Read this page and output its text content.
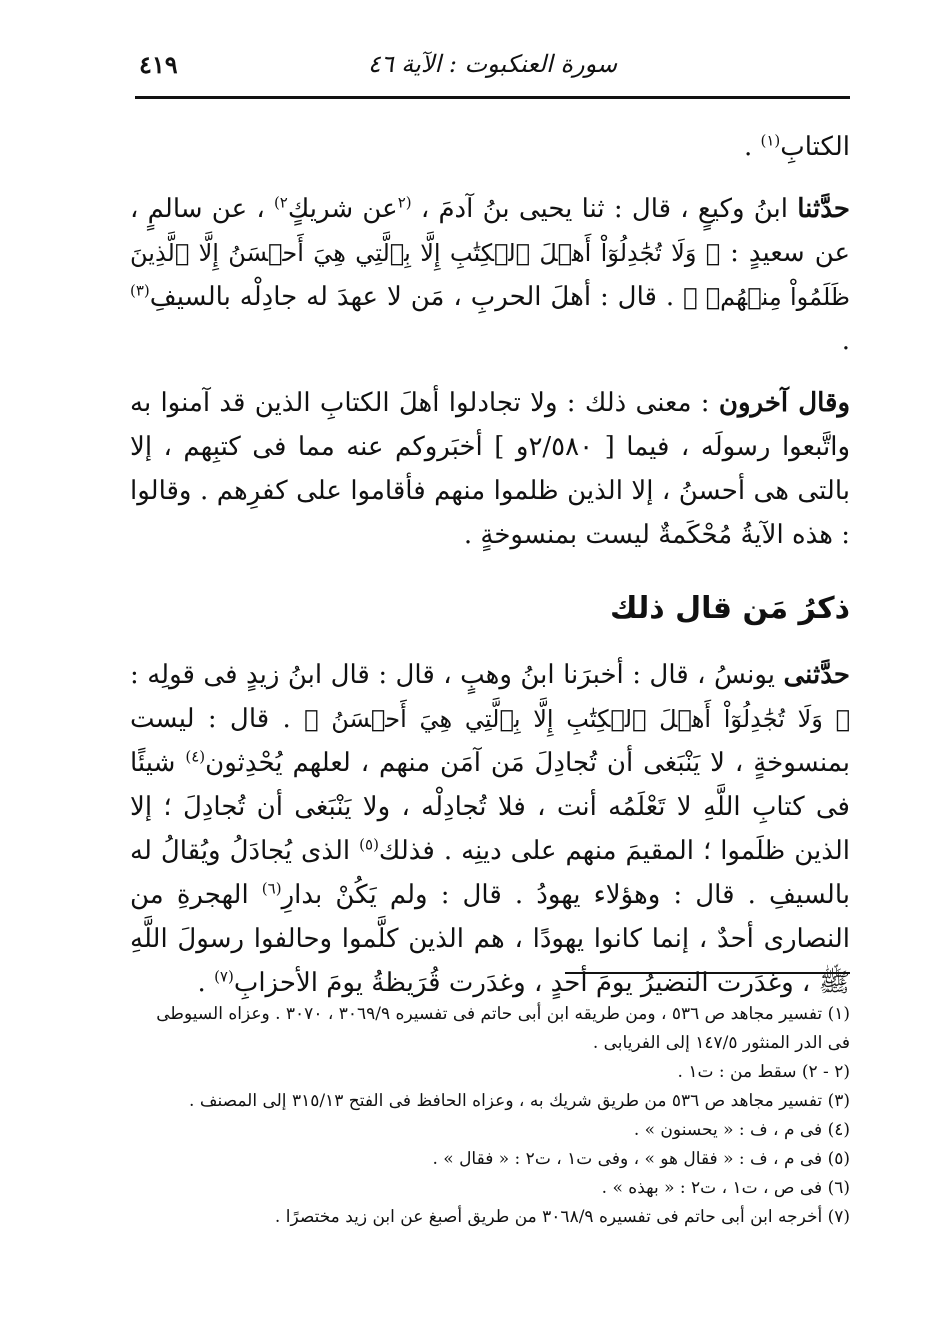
سورة العنكبوت : الآية ٤٦
٤١٩

الكتابِ$^{(١)}$ .

حدَّثنا ابنُ وكيعٍ ، قال : ثنا يحيى بنُ آدمَ ، $^{(٢}$عن شريكٍ$^{٢)}$ ، عن سالمٍ ، عن سعيدٍ : ﴿ وَلَا تُجَٰدِلُوٓاْ أَهۡلَ ٱلۡكِتَٰبِ إِلَّا بِٱلَّتِي هِيَ أَحۡسَنُ إِلَّا ٱلَّذِينَ ظَلَمُواْ مِنۡهُمۡ ﴾ . قال : أهلَ الحربِ ، مَن لا عهدَ له جادِلْه بالسيفِ$^{(٣)}$ .

وقال آخرون : معنى ذلك : ولا تجادلوا أهلَ الكتابِ الذين قد آمنوا به واتَّبعوا رسولَه ، فيما [ ٢/٥٨٠و ] أخبَروكم عنه مما فى كتبِهم ، إلا بالتى هى أحسنُ ، إلا الذين ظلموا منهم فأقاموا على كفرِهم . وقالوا : هذه الآيةُ مُحْكَمةٌ ليست بمنسوخةٍ .

ذكرُ مَن قال ذلك

حدَّثنى يونسُ ، قال : أخبرَنا ابنُ وهبٍ ، قال : قال ابنُ زيدٍ فى قولِه : ﴿ وَلَا تُجَٰدِلُوٓاْ أَهۡلَ ٱلۡكِتَٰبِ إِلَّا بِٱلَّتِي هِيَ أَحۡسَنُ ﴾ . قال : ليست بمنسوخةٍ ، لا يَنْبَغى أن تُجادِلَ مَن آمَن منهم ، لعلهم يُحْدِثون$^{(٤)}$ شيئًا فى كتابِ اللَّهِ لا تَعْلَمُه أنت ، فلا تُجادِلْه ، ولا يَنْبَغى أن تُجادِلَ ؛ إلا الذين ظلَموا ؛ المقيمَ منهم على دينِه . فذلك$^{(٥)}$ الذى يُجادَلُ ويُقالُ له بالسيفِ . قال : وهؤلاء يهودُ . قال : ولم يَكُنْ بدارِ$^{(٦)}$ الهجرةِ من النصارى أحدٌ ، إنما كانوا يهودًا ، هم الذين كلَّموا وحالفوا رسولَ اللَّهِ ﷺ ، وغدَرت النضيرُ يومَ أحدٍ ، وغدَرت قُرَيظةُ يومَ الأحزابِ$^{(٧)}$ .

(١) تفسير مجاهد ص ٥٣٦ ، ومن طريقه ابن أبى حاتم فى تفسيره ٣٠٦٩/٩ ، ٣٠٧٠ . وعزاه السيوطى فى الدر المنثور ١٤٧/٥ إلى الفريابى .

(٢ - ٢) سقط من : ت١ .

(٣) تفسير مجاهد ص ٥٣٦ من طريق شريك به ، وعزاه الحافظ فى الفتح ٣١٥/١٣ إلى المصنف .

(٤) فى م ، ف : « يحسنون » .

(٥) فى م ، ف : « فقال هو » ، وفى ت١ ، ت٢ : « فقال » .

(٦) فى ص ، ت١ ، ت٢ : « بهذه » .

(٧) أخرجه ابن أبى حاتم فى تفسيره ٣٠٦٨/٩ من طريق أصبغ عن ابن زيد مختصرًا .
